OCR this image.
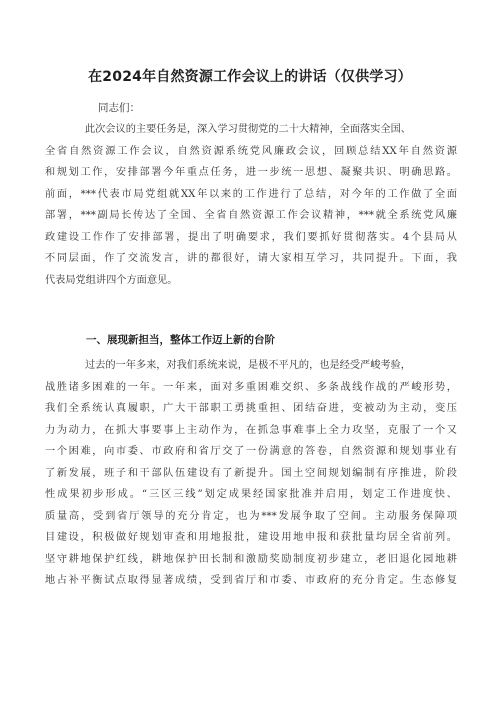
在2024年自然资源工作会议上的讲话（仅供学习）
同志们：
此次会议的主要任务是，深入学习贯彻党的二十大精神，全面落实全国、
全省自然资源工作会议，自然资源系统党风廉政会议，回顾总结XX年自然资源
和规划工作，安排部署今年重点任务，进一步统一思想、凝聚共识、明确思路。
前面，***代表市局党组就XX年以来的工作进行了总结，对今年的工作做了全面
部署，***副局长传达了全国、全省自然资源工作会议精神，***就全系统党风廉
政建设工作作了安排部署，提出了明确要求，我们要抓好贯彻落实。4个县局从
不同层面，作了交流发言，讲的都很好，请大家相互学习，共同提升。下面，我
代表局党组讲四个方面意见。
一、展现新担当，整体工作迈上新的台阶
过去的一年多来，对我们系统来说，是极不平凡的，也是经受严峻考验，
战胜诸多困难的一年。一年来，面对多重困难交织、多条战线作战的严峻形势，
我们全系统认真履职，广大干部职工勇挑重担、团结奋进，变被动为主动，变压
力为动力，在抓大事要事上主动作为，在抓急事难事上全力攻坚，克服了一个又
一个困难，向市委、市政府和省厅交了一份满意的答卷，自然资源和规划事业有
了新发展，班子和干部队伍建设有了新提升。国土空间规划编制有序推进，阶段
性成果初步形成。“三区三线”划定成果经国家批准并启用，划定工作进度快、
质量高，受到省厅领导的充分肯定，也为***发展争取了空间。主动服务保障项
目建设，积极做好规划审查和用地报批，建设用地申报和获批量均居全省前列。
坚守耕地保护红线，耕地保护田长制和激励奖励制度初步建立，老旧退化园地耕
地占补平衡试点取得显著成绩，受到省厅和市委、市政府的充分肯定。生态修复
